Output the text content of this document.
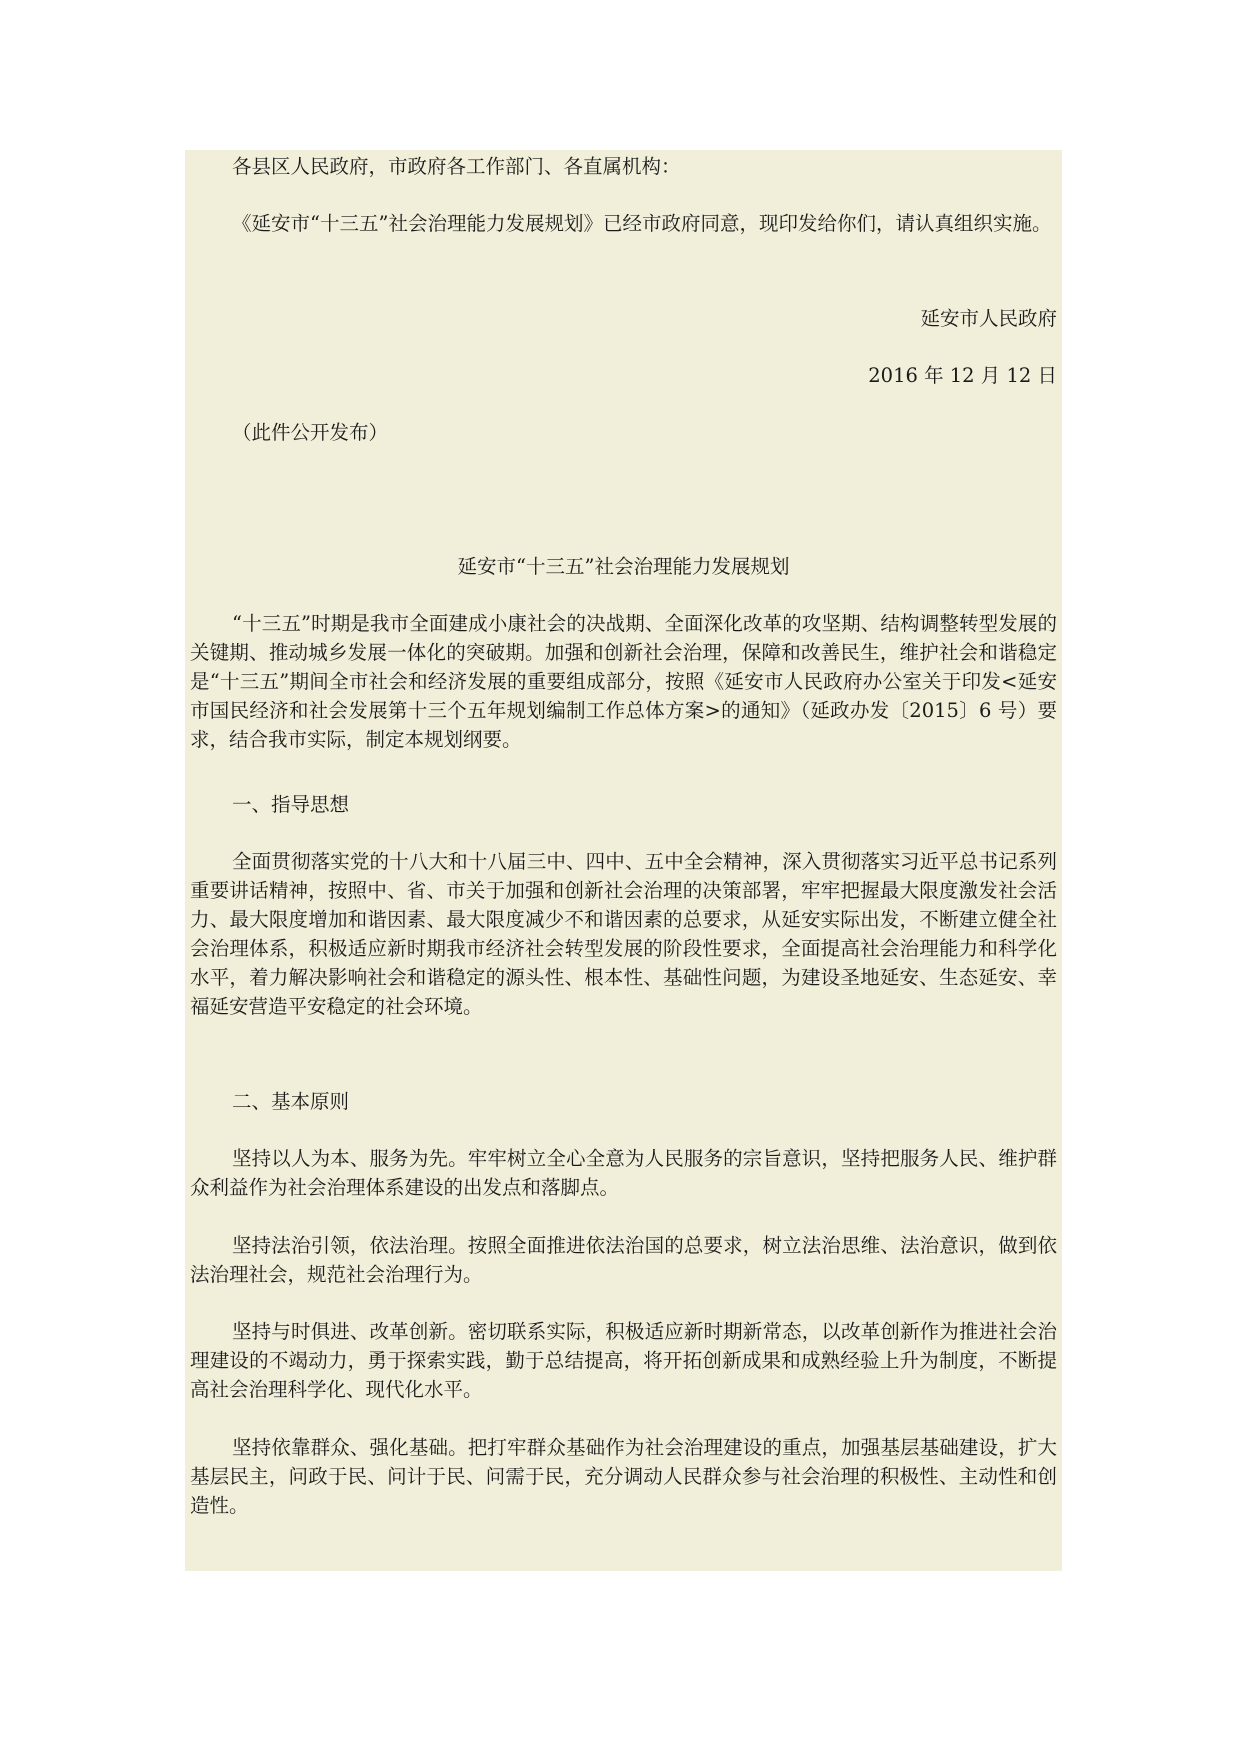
各县区人民政府，市政府各工作部门、各直属机构：

《延安市“十三五”社会治理能力发展规划》已经市政府同意，现印发给你们，请认真组织实施。

延安市人民政府

2016 年 12 月 12 日

（此件公开发布）

延安市“十三五”社会治理能力发展规划

“十三五”时期是我市全面建成小康社会的决战期、全面深化改革的攻坚期、结构调整转型发展的关键期、推动城乡发展一体化的突破期。加强和创新社会治理，保障和改善民生，维护社会和谐稳定是“十三五”期间全市社会和经济发展的重要组成部分，按照《延安市人民政府办公室关于印发<延安市国民经济和社会发展第十三个五年规划编制工作总体方案>的通知》（延政办发〔2015〕6 号）要求，结合我市实际，制定本规划纲要。

一、指导思想

全面贯彻落实党的十八大和十八届三中、四中、五中全会精神，深入贯彻落实习近平总书记系列重要讲话精神，按照中、省、市关于加强和创新社会治理的决策部署，牢牢把握最大限度激发社会活力、最大限度增加和谐因素、最大限度减少不和谐因素的总要求，从延安实际出发，不断建立健全社会治理体系，积极适应新时期我市经济社会转型发展的阶段性要求，全面提高社会治理能力和科学化水平，着力解决影响社会和谐稳定的源头性、根本性、基础性问题，为建设圣地延安、生态延安、幸福延安营造平安稳定的社会环境。

二、基本原则

坚持以人为本、服务为先。牢牢树立全心全意为人民服务的宗旨意识，坚持把服务人民、维护群众利益作为社会治理体系建设的出发点和落脚点。

坚持法治引领，依法治理。按照全面推进依法治国的总要求，树立法治思维、法治意识，做到依法治理社会，规范社会治理行为。

坚持与时俱进、改革创新。密切联系实际，积极适应新时期新常态，以改革创新作为推进社会治理建设的不竭动力，勇于探索实践，勤于总结提高，将开拓创新成果和成熟经验上升为制度，不断提高社会治理科学化、现代化水平。

坚持依靠群众、强化基础。把打牢群众基础作为社会治理建设的重点，加强基层基础建设，扩大基层民主，问政于民、问计于民、问需于民，充分调动人民群众参与社会治理的积极性、主动性和创造性。
